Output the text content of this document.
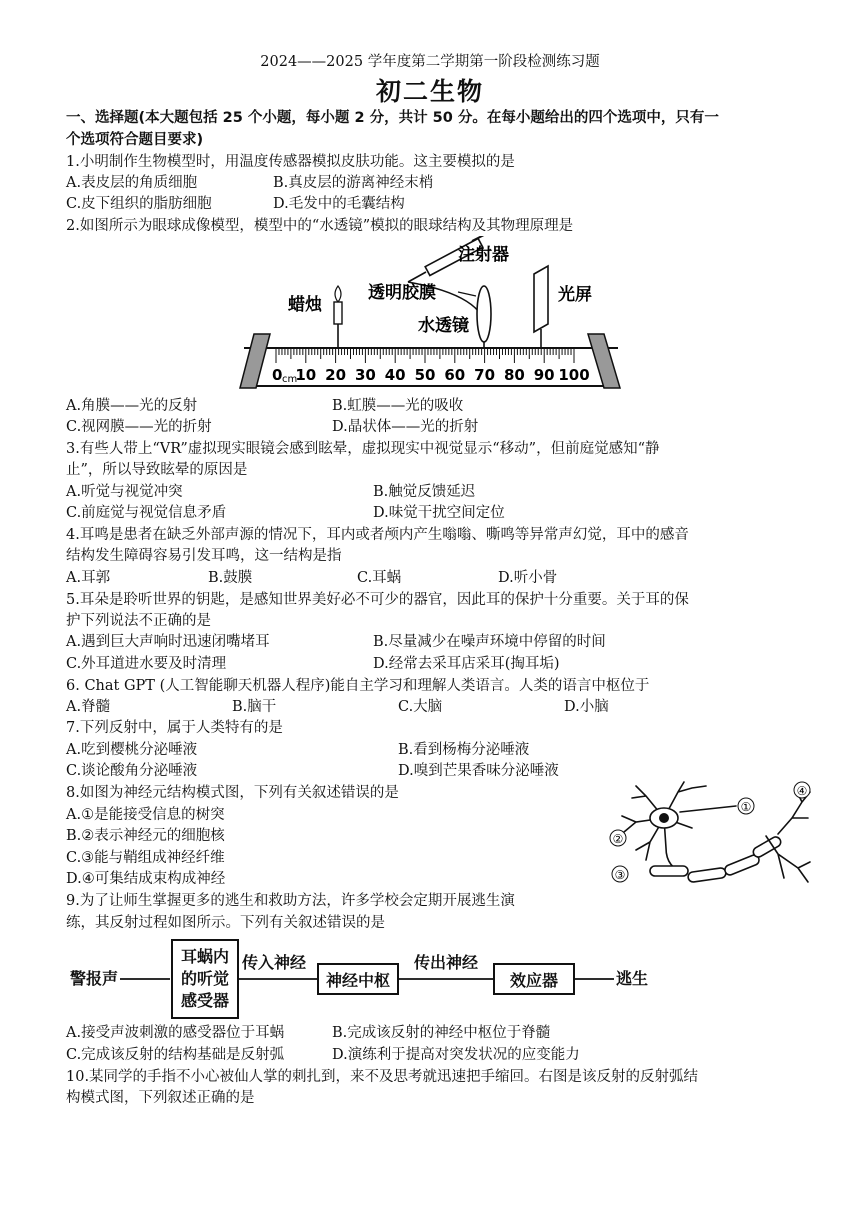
2024——2025 学年度第二学期第一阶段检测练习题
初二生物
一、选择题(本大题包括 25 个小题，每小题 2 分，共计 50 分。在每小题给出的四个选项中，只有一
个选项符合题目要求)
1.小明制作生物模型时，用温度传感器模拟皮肤功能。这主要模拟的是
A.表皮层的角质细胞	B.真皮层的游离神经末梢
C.皮下组织的脂肪细胞	D.毛发中的毛囊结构
2.如图所示为眼球成像模型，模型中的“水透镜”模拟的眼球结构及其物理原理是
注射器
透明胶膜
水透镜
蜡烛	光屏
0 10 20 30 40 50 60 70 80 90 100
cm
A.角膜——光的反射	B.虹膜——光的吸收
C.视网膜——光的折射	D.晶状体——光的折射
3.有些人带上“VR”虚拟现实眼镜会感到眩晕，虚拟现实中视觉显示“移动”，但前庭觉感知“静
止”，所以导致眩晕的原因是
A.听觉与视觉冲突	B.触觉反馈延迟
C.前庭觉与视觉信息矛盾	D.味觉干扰空间定位
4.耳鸣是患者在缺乏外部声源的情况下，耳内或者颅内产生嗡嗡、嘶鸣等异常声幻觉，耳中的感音
结构发生障碍容易引发耳鸣，这一结构是指
A.耳郭	B.鼓膜	C.耳蜗	D.听小骨
5.耳朵是聆听世界的钥匙，是感知世界美好必不可少的器官，因此耳的保护十分重要。关于耳的保
护下列说法不正确的是
A.遇到巨大声响时迅速闭嘴堵耳	B.尽量减少在噪声环境中停留的时间
C.外耳道进水要及时清理	D.经常去采耳店采耳(掏耳垢)
6. Chat GPT (人工智能聊天机器人程序)能自主学习和理解人类语言。人类的语言中枢位于
A.脊髓	B.脑干	C.大脑	D.小脑
7.下列反射中，属于人类特有的是
A.吃到樱桃分泌唾液	B.看到杨梅分泌唾液
C.谈论酸角分泌唾液	D.嗅到芒果香味分泌唾液
8.如图为神经元结构模式图，下列有关叙述错误的是
A.①是能接受信息的树突
B.②表示神经元的细胞核
C.③能与鞘组成神经纤维
D.④可集结成束构成神经
①
②
③
④
9.为了让师生掌握更多的逃生和救助方法，许多学校会定期开展逃生演
练，其反射过程如图所示。下列有关叙述错误的是
警报声
耳蜗内
的听觉
感受器
传入神经
神经中枢
传出神经
效应器	逃生
A.接受声波刺激的感受器位于耳蜗	B.完成该反射的神经中枢位于脊髓
C.完成该反射的结构基础是反射弧	D.演练利于提高对突发状况的应变能力
10.某同学的手指不小心被仙人掌的刺扎到，来不及思考就迅速把手缩回。右图是该反射的反射弧结
构模式图，下列叙述正确的是
